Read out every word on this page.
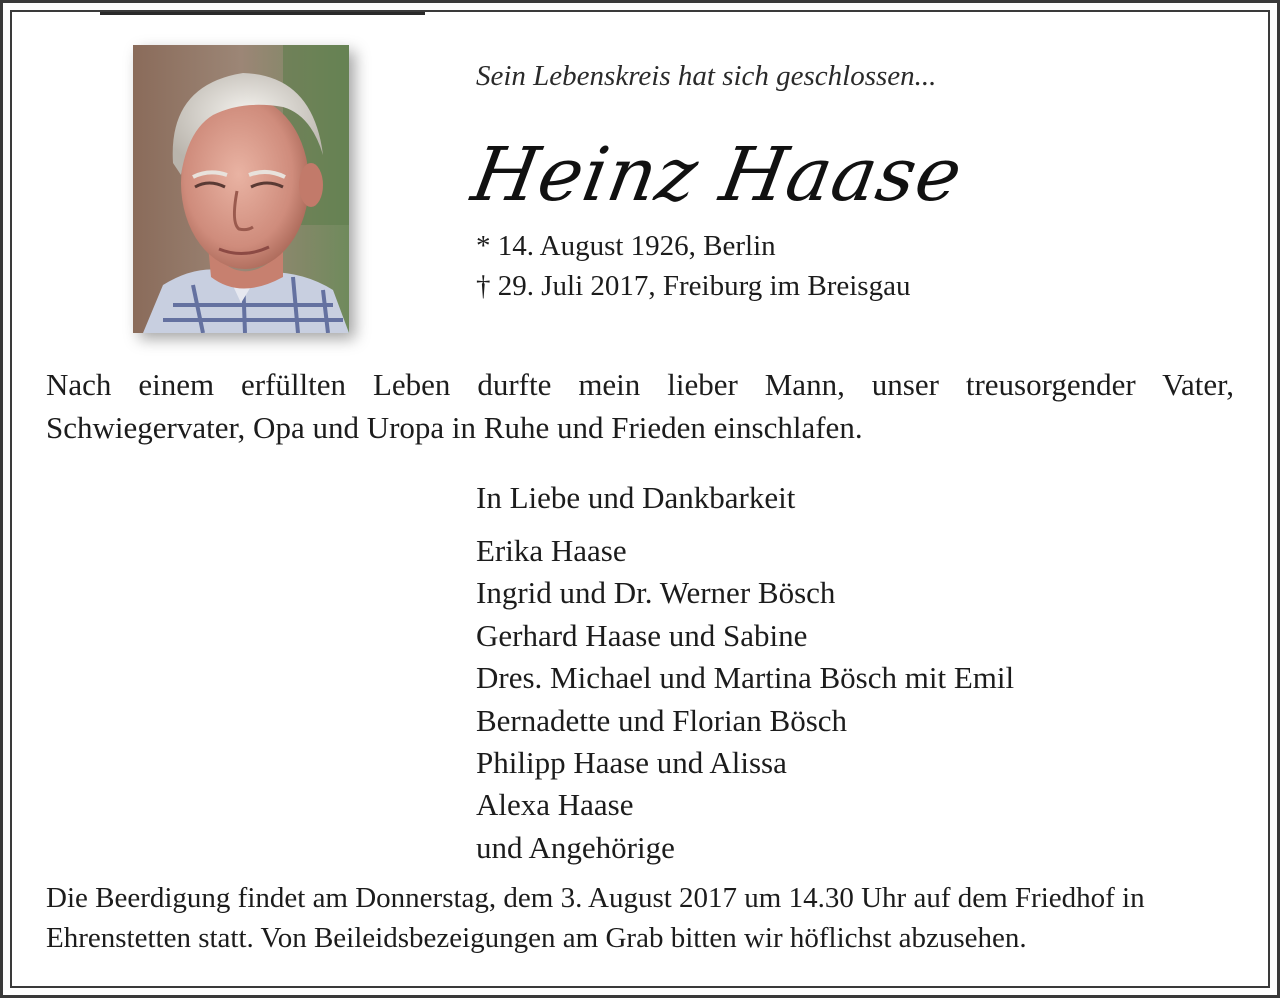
Sein Lebenskreis hat sich geschlossen...
Heinz Haase
* 14. August 1926, Berlin
† 29. Juli 2017, Freiburg im Breisgau
Nach einem erfüllten Leben durfte mein lieber Mann, unser treusorgender Vater, Schwiegervater, Opa und Uropa in Ruhe und Frieden einschlafen.
In Liebe und Dankbarkeit
Erika Haase
Ingrid und Dr. Werner Bösch
Gerhard Haase und Sabine
Dres. Michael und Martina Bösch mit Emil
Bernadette und Florian Bösch
Philipp Haase und Alissa
Alexa Haase
und Angehörige
Die Beerdigung findet am Donnerstag, dem 3. August 2017 um 14.30 Uhr auf dem Friedhof in Ehrenstetten statt. Von Beileidsbezeigungen am Grab bitten wir höflichst abzusehen.
